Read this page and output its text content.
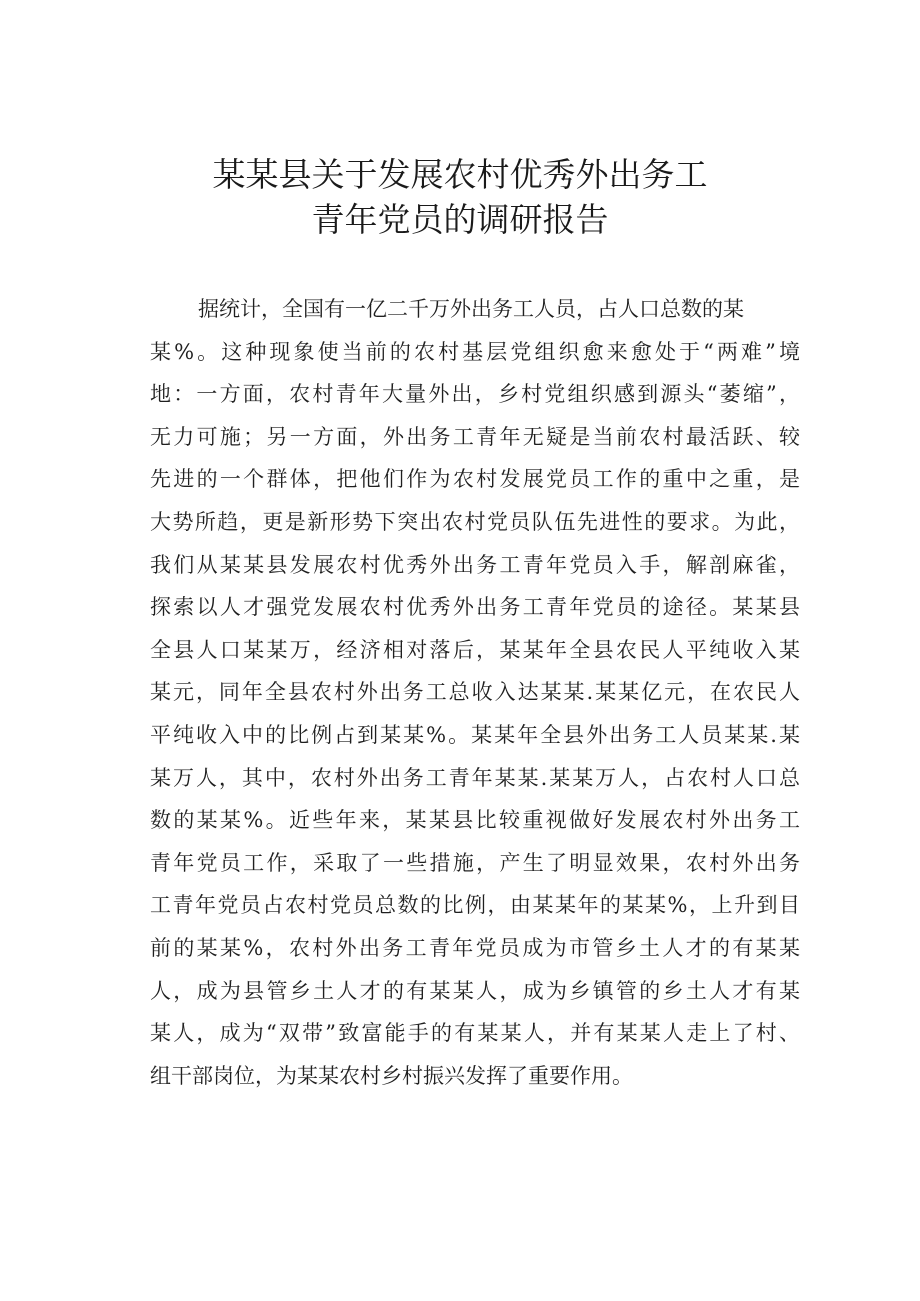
某某县关于发展农村优秀外出务工
青年党员的调研报告
据统计，全国有一亿二千万外出务工人员，占人口总数的某
某%。这种现象使当前的农村基层党组织愈来愈处于“两难”境
地：一方面，农村青年大量外出，乡村党组织感到源头“萎缩”，
无力可施；另一方面，外出务工青年无疑是当前农村最活跃、较
先进的一个群体，把他们作为农村发展党员工作的重中之重，是
大势所趋，更是新形势下突出农村党员队伍先进性的要求。为此，
我们从某某县发展农村优秀外出务工青年党员入手，解剖麻雀，
探索以人才强党发展农村优秀外出务工青年党员的途径。某某县
全县人口某某万，经济相对落后，某某年全县农民人平纯收入某
某元，同年全县农村外出务工总收入达某某.某某亿元，在农民人
平纯收入中的比例占到某某%。某某年全县外出务工人员某某.某
某万人，其中，农村外出务工青年某某.某某万人，占农村人口总
数的某某%。近些年来，某某县比较重视做好发展农村外出务工
青年党员工作，采取了一些措施，产生了明显效果，农村外出务
工青年党员占农村党员总数的比例，由某某年的某某%，上升到目
前的某某%，农村外出务工青年党员成为市管乡土人才的有某某
人，成为县管乡土人才的有某某人，成为乡镇管的乡土人才有某
某人，成为“双带”致富能手的有某某人，并有某某人走上了村、
组干部岗位，为某某农村乡村振兴发挥了重要作用。
